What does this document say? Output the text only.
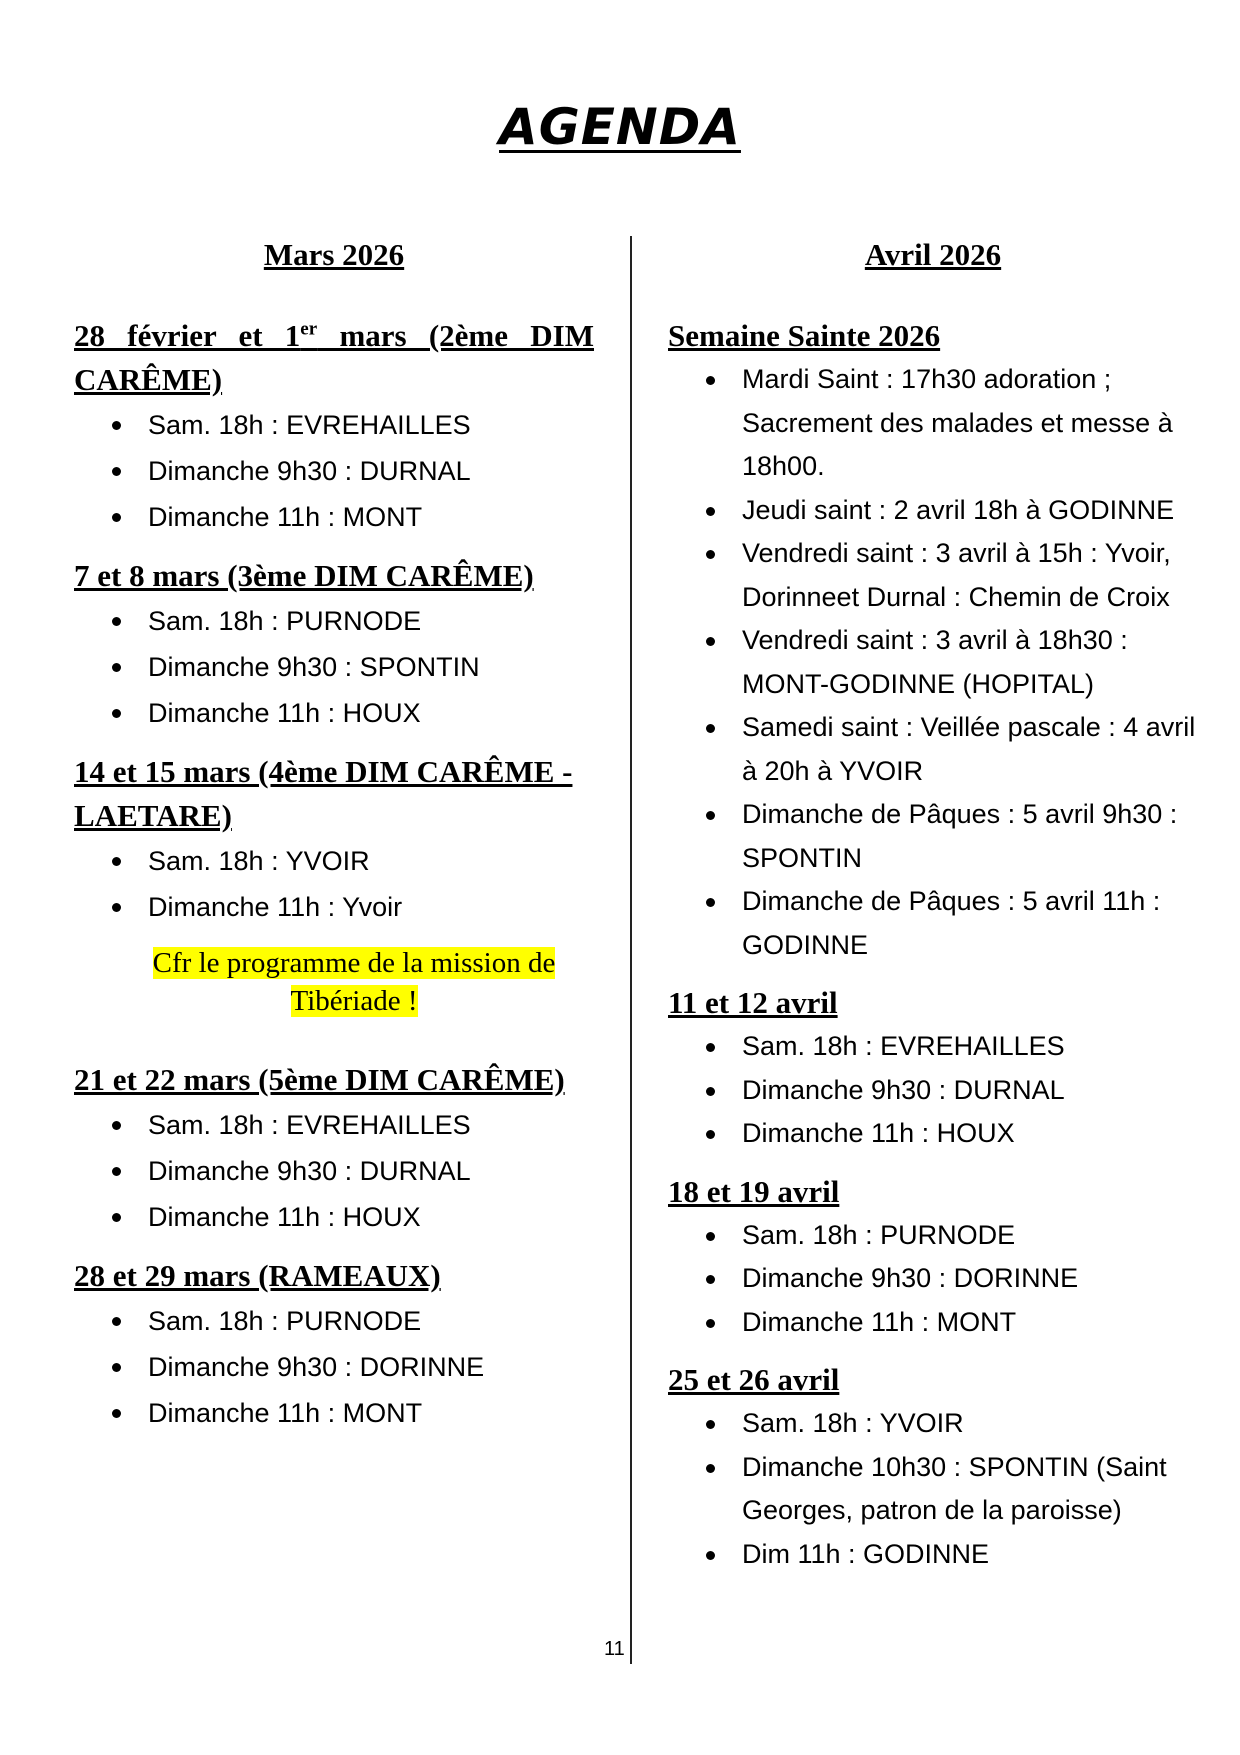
AGENDA
Mars 2026
28 février et 1er mars (2ème DIM CARÊME)
Sam. 18h : EVREHAILLES
Dimanche 9h30 : DURNAL
Dimanche 11h : MONT
7 et 8 mars (3ème DIM CARÊME)
Sam. 18h : PURNODE
Dimanche 9h30 : SPONTIN
Dimanche 11h : HOUX
14 et 15 mars (4ème DIM CARÊME - LAETARE)
Sam. 18h : YVOIR
Dimanche 11h : Yvoir
Cfr le programme de la mission de Tibériade !
21 et 22 mars (5ème DIM CARÊME)
Sam. 18h : EVREHAILLES
Dimanche 9h30 : DURNAL
Dimanche 11h : HOUX
28 et 29 mars (RAMEAUX)
Sam. 18h : PURNODE
Dimanche 9h30 : DORINNE
Dimanche 11h : MONT
Avril 2026
Semaine Sainte 2026
Mardi Saint : 17h30 adoration ; Sacrement des malades et messe à 18h00.
Jeudi saint : 2 avril 18h à GODINNE
Vendredi saint : 3 avril à 15h : Yvoir, Dorinneet Durnal : Chemin de Croix
Vendredi saint : 3 avril à 18h30 : MONT-GODINNE (HOPITAL)
Samedi saint : Veillée pascale : 4 avril à 20h à YVOIR
Dimanche de Pâques : 5 avril 9h30 : SPONTIN
Dimanche de Pâques : 5 avril 11h : GODINNE
11 et 12 avril
Sam. 18h : EVREHAILLES
Dimanche 9h30 : DURNAL
Dimanche 11h : HOUX
18 et 19 avril
Sam. 18h : PURNODE
Dimanche 9h30 : DORINNE
Dimanche 11h : MONT
25 et 26 avril
Sam. 18h : YVOIR
Dimanche 10h30 : SPONTIN (Saint Georges, patron de la paroisse)
Dim 11h : GODINNE
11
